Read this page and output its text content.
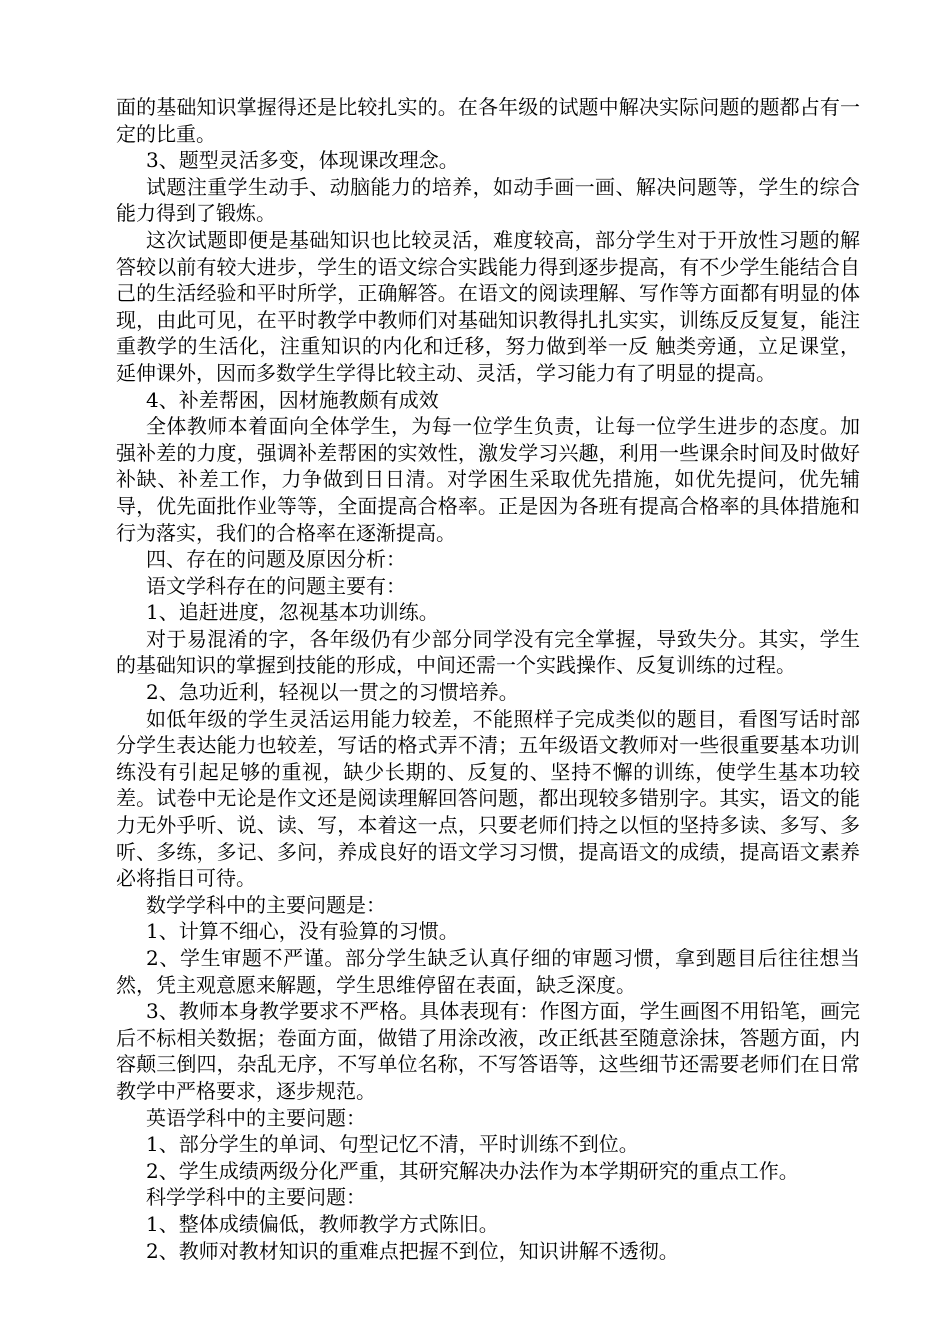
面的基础知识掌握得还是比较扎实的。在各年级的试题中解决实际问题的题都占有一定的比重。

3、题型灵活多变，体现课改理念。

试题注重学生动手、动脑能力的培养，如动手画一画、解决问题等，学生的综合能力得到了锻炼。

这次试题即便是基础知识也比较灵活，难度较高，部分学生对于开放性习题的解答较以前有较大进步，学生的语文综合实践能力得到逐步提高，有不少学生能结合自己的生活经验和平时所学，正确解答。在语文的阅读理解、写作等方面都有明显的体现，由此可见，在平时教学中教师们对基础知识教得扎扎实实，训练反反复复，能注重教学的生活化，注重知识的内化和迁移，努力做到举一反 触类旁通，立足课堂，延伸课外，因而多数学生学得比较主动、灵活，学习能力有了明显的提高。

4、补差帮困，因材施教颇有成效

全体教师本着面向全体学生，为每一位学生负责，让每一位学生进步的态度。加强补差的力度，强调补差帮困的实效性，激发学习兴趣，利用一些课余时间及时做好补缺、补差工作，力争做到日日清。对学困生采取优先措施，如优先提问，优先辅导，优先面批作业等等，全面提高合格率。正是因为各班有提高合格率的具体措施和行为落实，我们的合格率在逐渐提高。

四、存在的问题及原因分析：

语文学科存在的问题主要有：

1、追赶进度，忽视基本功训练。

对于易混淆的字，各年级仍有少部分同学没有完全掌握，导致失分。其实，学生的基础知识的掌握到技能的形成，中间还需一个实践操作、反复训练的过程。

2、急功近利，轻视以一贯之的习惯培养。

如低年级的学生灵活运用能力较差，不能照样子完成类似的题目，看图写话时部分学生表达能力也较差，写话的格式弄不清；五年级语文教师对一些很重要基本功训练没有引起足够的重视，缺少长期的、反复的、坚持不懈的训练，使学生基本功较差。试卷中无论是作文还是阅读理解回答问题，都出现较多错别字。其实，语文的能力无外乎听、说、读、写，本着这一点，只要老师们持之以恒的坚持多读、多写、多听、多练，多记、多问，养成良好的语文学习习惯，提高语文的成绩，提高语文素养必将指日可待。

数学学科中的主要问题是：

1、计算不细心，没有验算的习惯。

2、学生审题不严谨。部分学生缺乏认真仔细的审题习惯，拿到题目后往往想当然，凭主观意愿来解题，学生思维停留在表面，缺乏深度。

3、教师本身教学要求不严格。具体表现有：作图方面，学生画图不用铅笔，画完后不标相关数据；卷面方面，做错了用涂改液，改正纸甚至随意涂抹，答题方面，内容颠三倒四，杂乱无序，不写单位名称，不写答语等，这些细节还需要老师们在日常教学中严格要求，逐步规范。

英语学科中的主要问题：

1、部分学生的单词、句型记忆不清，平时训练不到位。

2、学生成绩两级分化严重，其研究解决办法作为本学期研究的重点工作。

科学学科中的主要问题：

1、整体成绩偏低，教师教学方式陈旧。

2、教师对教材知识的重难点把握不到位，知识讲解不透彻。
